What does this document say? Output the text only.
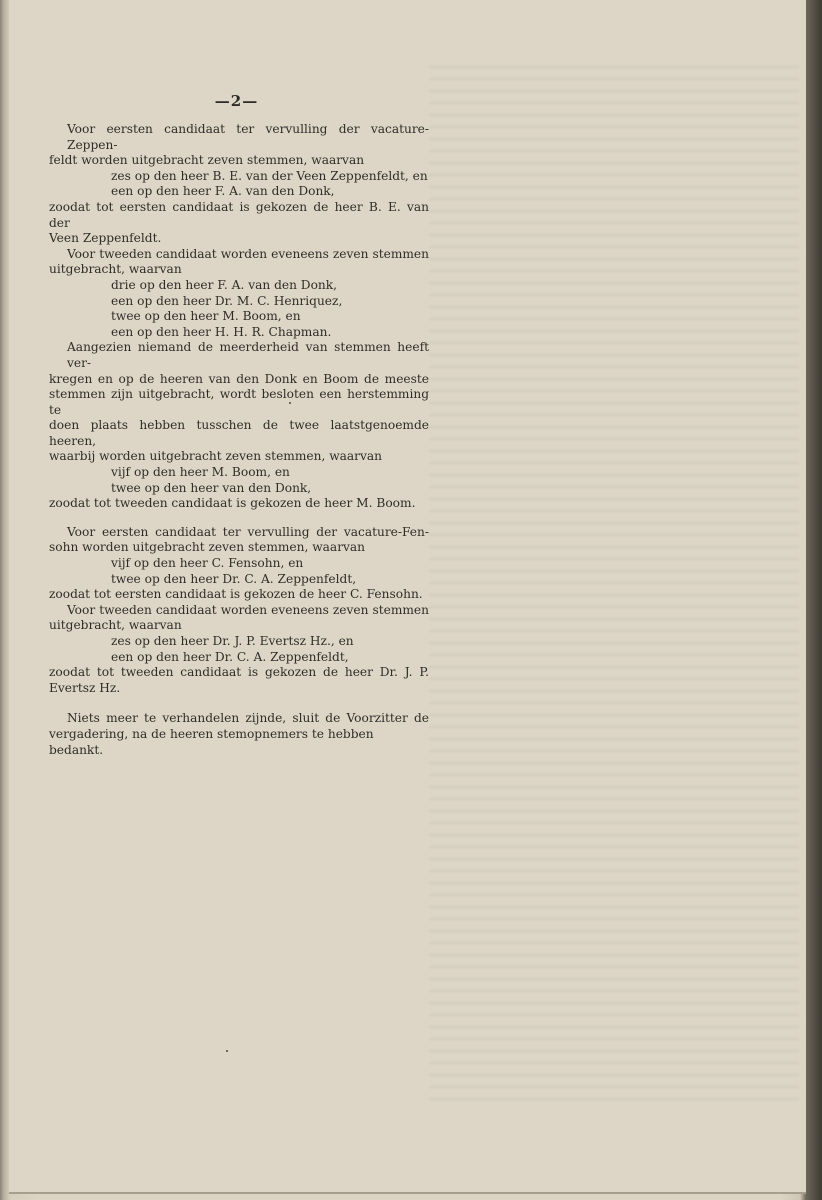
—2—

Voor eersten candidaat ter vervulling der vacature-Zeppen-

feldt worden uitgebracht zeven stemmen, waarvan

zes op den heer B. E. van der Veen Zeppenfeldt, en

een op den heer F. A. van den Donk,

zoodat tot eersten candidaat is gekozen de heer B. E. van der

Veen Zeppenfeldt.

Voor tweeden candidaat worden eveneens zeven stemmen

uitgebracht, waarvan

drie op den heer F. A. van den Donk,

een op den heer Dr. M. C. Henriquez,

twee op den heer M. Boom, en

een op den heer H. H. R. Chapman.

Aangezien niemand de meerderheid van stemmen heeft ver-

kregen en op de heeren van den Donk en Boom de meeste

stemmen zijn uitgebracht, wordt besloten een herstemming te

doen plaats hebben tusschen de twee laatstgenoemde heeren,

waarbij worden uitgebracht zeven stemmen, waarvan

vijf op den heer M. Boom, en

twee op den heer van den Donk,

zoodat tot tweeden candidaat is gekozen de heer M. Boom.

Voor eersten candidaat ter vervulling der vacature-Fen-

sohn worden uitgebracht zeven stemmen, waarvan

vijf op den heer C. Fensohn, en

twee op den heer Dr. C. A. Zeppenfeldt,

zoodat tot eersten candidaat is gekozen de heer C. Fensohn.

Voor tweeden candidaat worden eveneens zeven stemmen

uitgebracht, waarvan

zes op den heer Dr. J. P. Evertsz Hz., en

een op den heer Dr. C. A. Zeppenfeldt,

zoodat tot tweeden candidaat is gekozen de heer Dr. J. P.

Evertsz Hz.

Niets meer te verhandelen zijnde, sluit de Voorzitter de

vergadering, na de heeren stemopnemers te hebben bedankt.
